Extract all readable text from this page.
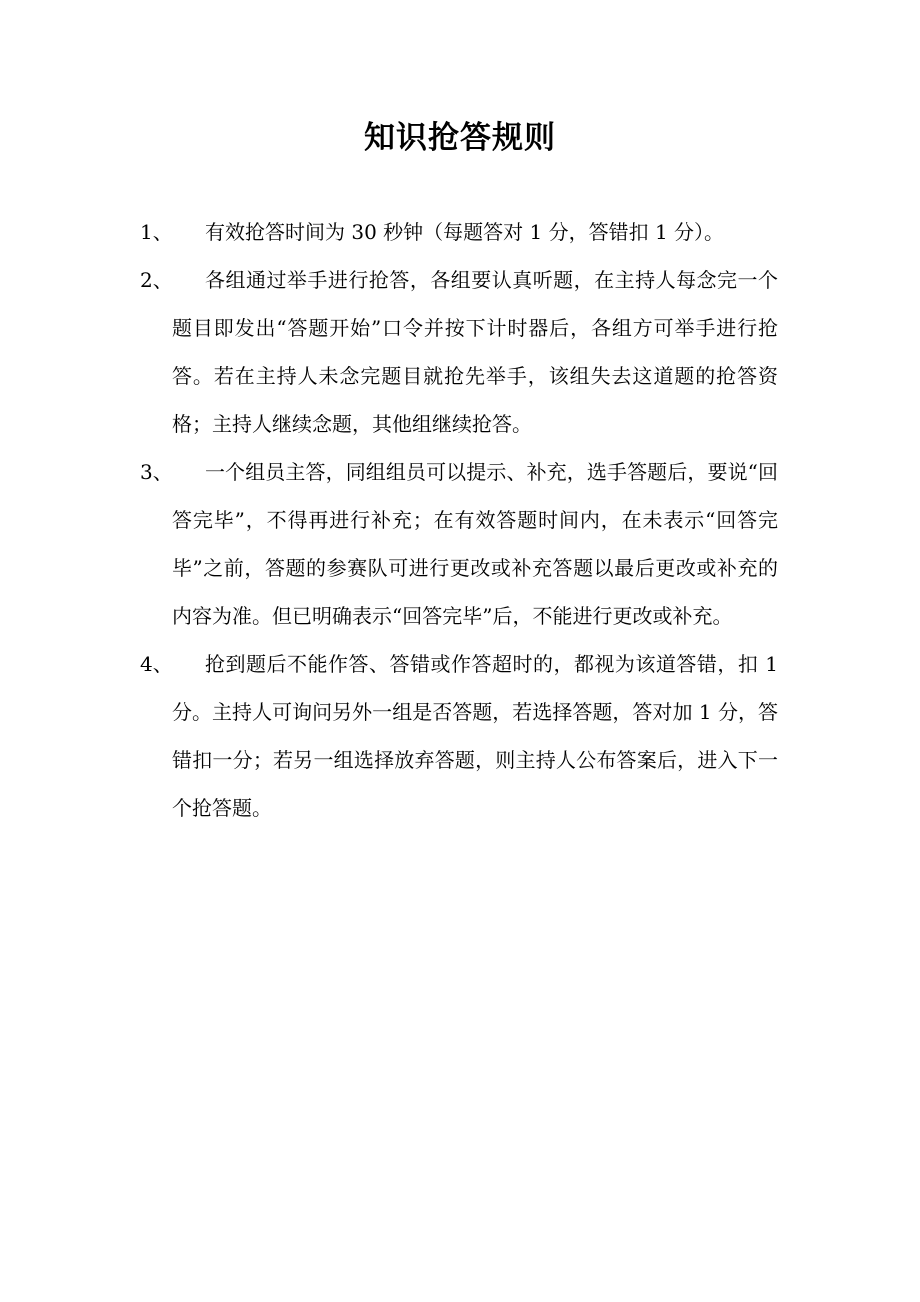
知识抢答规则
1、	有效抢答时间为 30 秒钟（每题答对 1 分，答错扣 1 分）。
2、	各组通过举手进行抢答，各组要认真听题，在主持人每念完一个题目即发出“答题开始”口令并按下计时器后，各组方可举手进行抢答。若在主持人未念完题目就抢先举手，该组失去这道题的抢答资格；主持人继续念题，其他组继续抢答。
3、	一个组员主答，同组组员可以提示、补充，选手答题后，要说“回答完毕”，不得再进行补充；在有效答题时间内，在未表示“回答完毕”之前，答题的参赛队可进行更改或补充答题以最后更改或补充的内容为准。但已明确表示“回答完毕”后，不能进行更改或补充。
4、	抢到题后不能作答、答错或作答超时的，都视为该道答错，扣 1 分。主持人可询问另外一组是否答题，若选择答题，答对加 1 分，答错扣一分；若另一组选择放弃答题，则主持人公布答案后，进入下一个抢答题。
